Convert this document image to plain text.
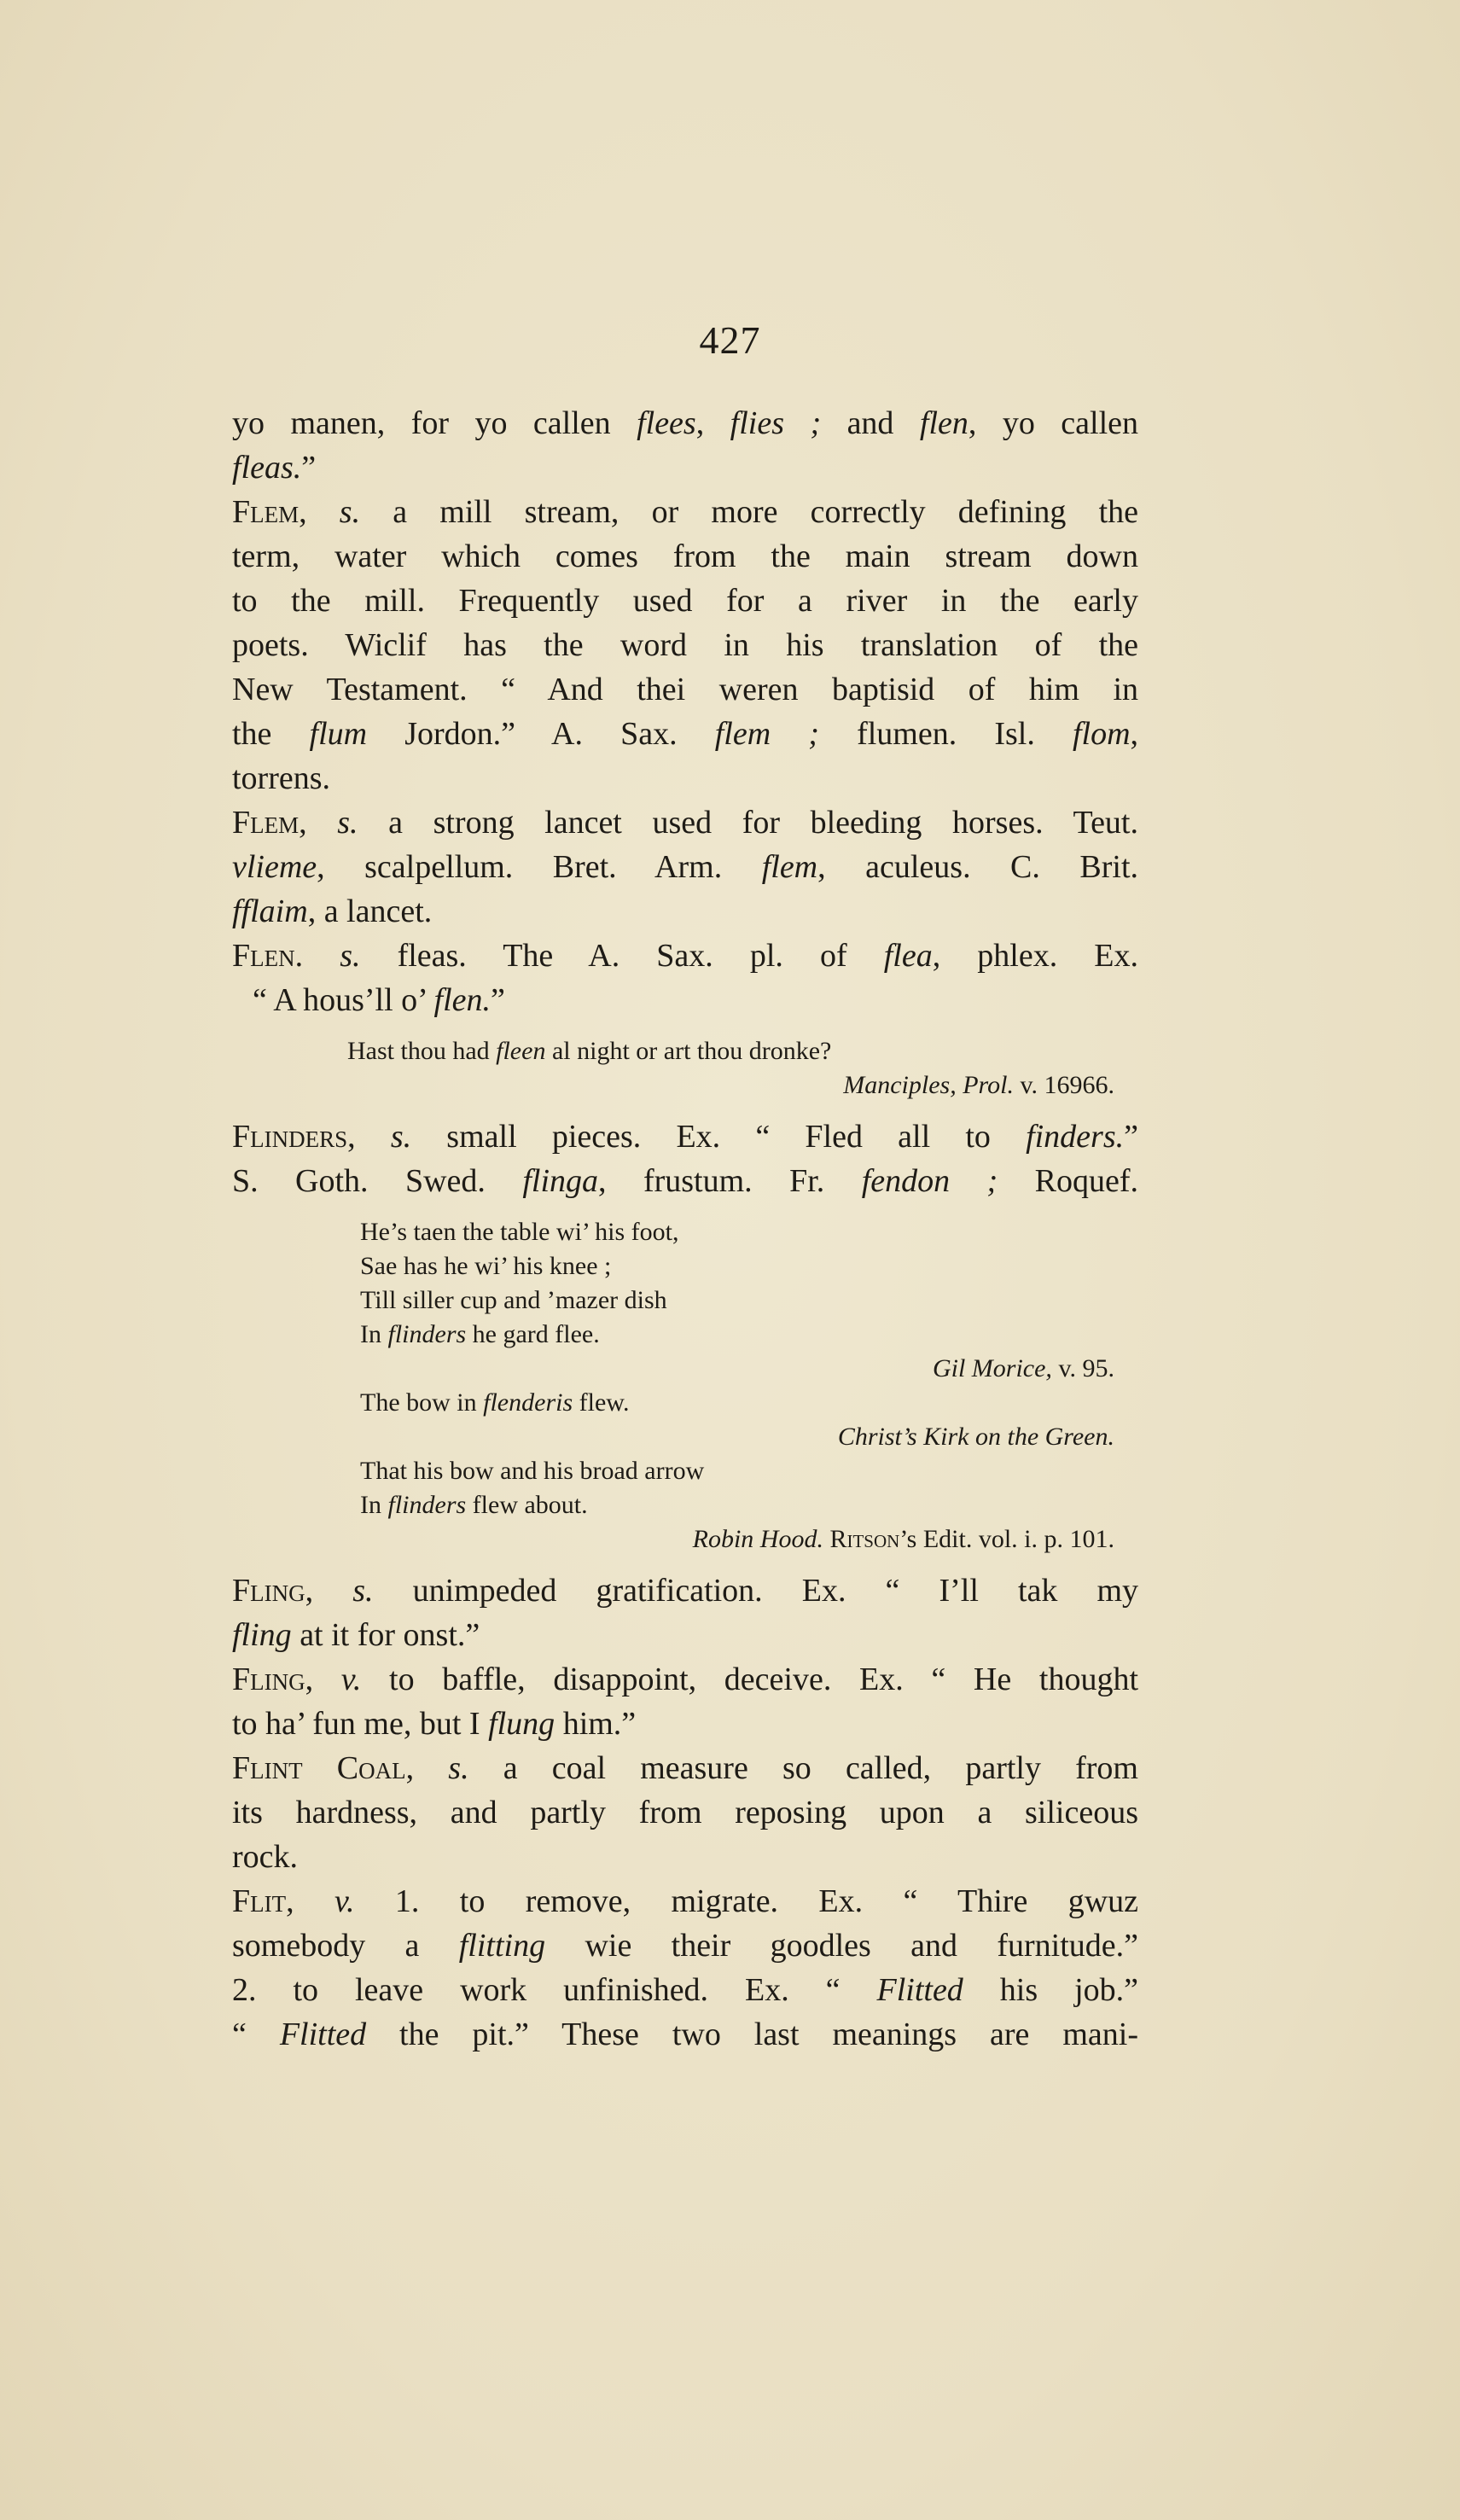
427
yo manen, for yo callen flees, flies ; and flen, yo callen
fleas.”
Flem, s. a mill stream, or more correctly defining the
term, water which comes from the main stream down
to the mill. Frequently used for a river in the early
poets. Wiclif has the word in his translation of the
New Testament. “ And thei weren baptisid of him in
the flum Jordon.” A. Sax. flem ; flumen. Isl. flom,
torrens.
Flem, s. a strong lancet used for bleeding horses. Teut.
vlieme, scalpellum. Bret. Arm. flem, aculeus. C. Brit.
fflaim, a lancet.
Flen. s. fleas. The A. Sax. pl. of flea, phlex. Ex.
“ A hous’ll o’ flen.”
Hast thou had fleen al night or art thou dronke?
Manciples, Prol. v. 16966.
Flinders, s. small pieces. Ex. “ Fled all to finders.”
S. Goth. Swed. flinga, frustum. Fr. fendon ; Roquef.
He’s taen the table wi’ his foot,
Sae has he wi’ his knee ;
Till siller cup and ’mazer dish
In flinders he gard flee.
Gil Morice, v. 95.
The bow in flenderis flew.
Christ’s Kirk on the Green.
That his bow and his broad arrow
In flinders flew about.
Robin Hood. Ritson’s Edit. vol. i. p. 101.
Fling, s. unimpeded gratification. Ex. “ I’ll tak my
fling at it for onst.”
Fling, v. to baffle, disappoint, deceive. Ex. “ He thought
to ha’ fun me, but I flung him.”
Flint Coal, s. a coal measure so called, partly from
its hardness, and partly from reposing upon a siliceous
rock.
Flit, v. 1. to remove, migrate. Ex. “ Thire gwuz
somebody a flitting wie their goodles and furnitude.”
2. to leave work unfinished. Ex. “ Flitted his job.”
“ Flitted the pit.” These two last meanings are mani-
